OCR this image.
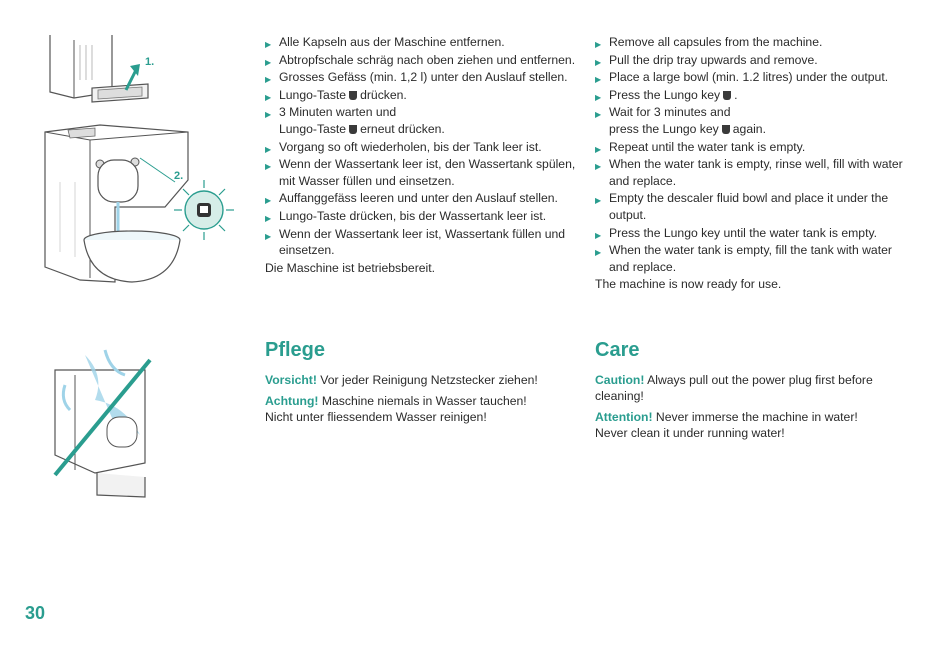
1.
2.
▶ Alle Kapseln aus der Maschine entfernen.
▶ Abtropfschale schräg nach oben ziehen und entfernen.
▶ Grosses Gefäss (min. 1,2 l) unter den Auslauf stellen.
▶ Lungo-Taste drücken.
▶ 3 Minuten warten und
Lungo-Taste erneut drücken.
▶ Vorgang so oft wiederholen, bis der Tank leer ist.
▶ Wenn der Wassertank leer ist, den Wassertank spülen, mit Wasser füllen und einsetzen.
▶ Auffanggefäss leeren und unter den Auslauf stellen.
▶ Lungo-Taste drücken, bis der Wassertank leer ist.
▶ Wenn der Wassertank leer ist, Wassertank füllen und einsetzen.
Die Maschine ist betriebsbereit.
▶ Remove all capsules from the machine.
▶ Pull the drip tray upwards and remove.
▶ Place a large bowl (min. 1.2 litres) under the output.
▶ Press the Lungo key .
▶ Wait for 3 minutes and
press the Lungo key again.
▶ Repeat until the water tank is empty.
▶ When the water tank is empty, rinse well, fill with water and replace.
▶ Empty the descaler fluid bowl and place it under the output.
▶ Press the Lungo key until the water tank is empty.
▶ When the water tank is empty, fill the tank with water and replace.
The machine is now ready for use.
Pflege	Care

Vorsicht! Vor jeder Reinigung Netzstecker ziehen!

Achtung! Maschine niemals in Wasser tauchen!
Nicht unter fliessendem Wasser reinigen!

Caution! Always pull out the power plug first before cleaning!

Attention! Never immerse the machine in water!
Never clean it under running water!

30
